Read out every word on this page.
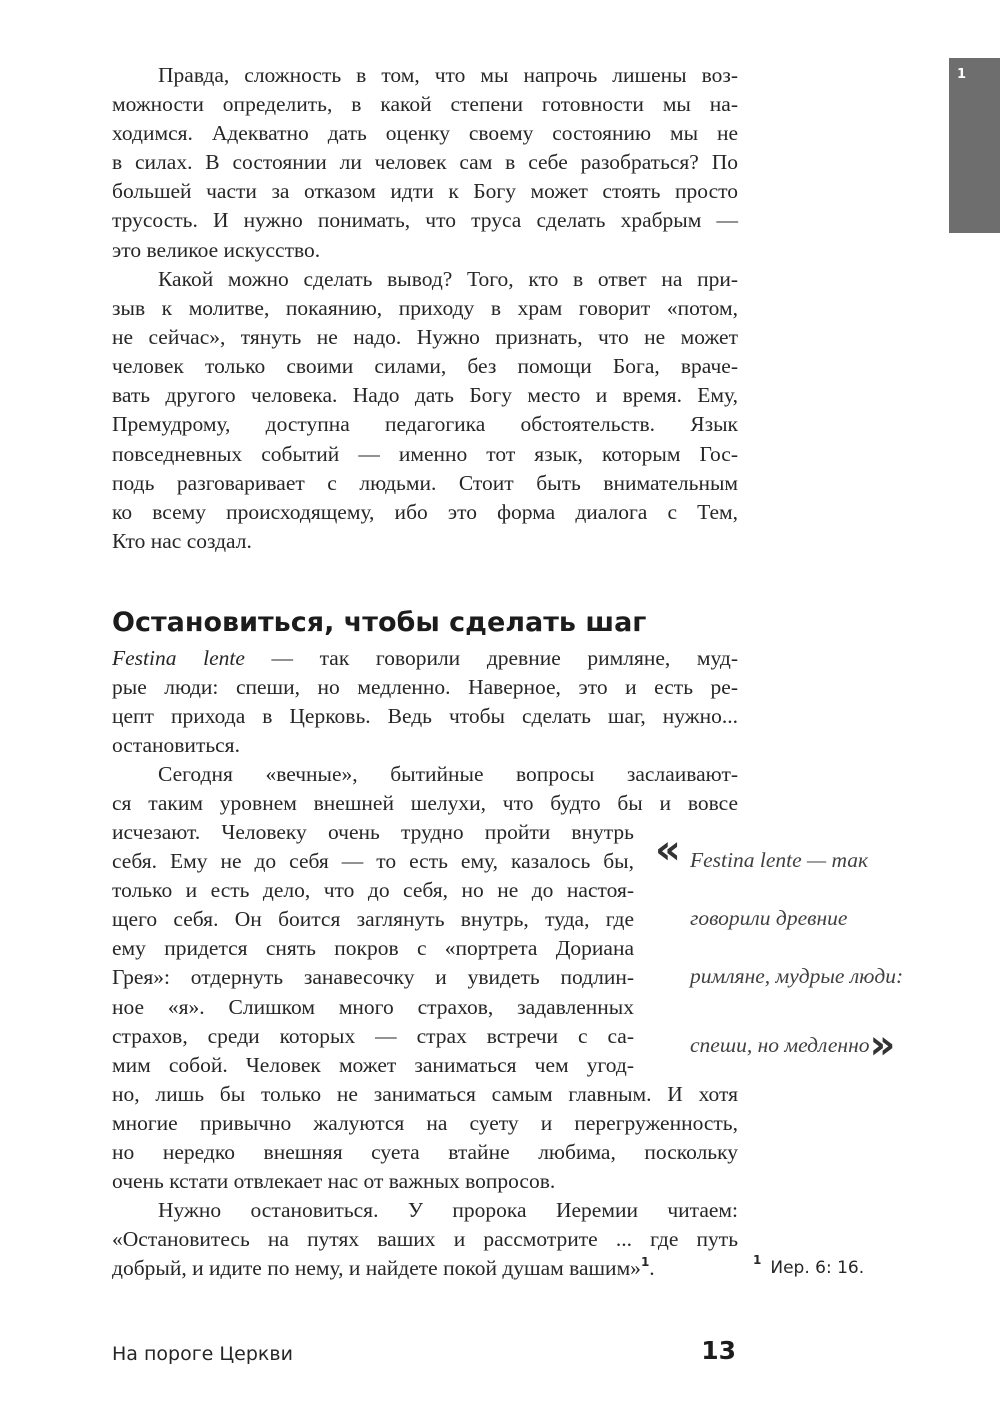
1
Правда, сложность в том, что мы напрочь лишены воз-
можности определить, в какой степени готовности мы на-
ходимся. Адекватно дать оценку своему состоянию мы не
в силах. В состоянии ли человек сам в себе разобраться? По
большей части за отказом идти к Богу может стоять просто
трусость. И нужно понимать, что труса сделать храбрым —
это великое искусство.
Какой можно сделать вывод? Того, кто в ответ на при-
зыв к молитве, покаянию, приходу в храм говорит «потом,
не сейчас», тянуть не надо. Нужно признать, что не может
человек только своими силами, без помощи Бога, враче-
вать другого человека. Надо дать Богу место и время. Ему,
Премудрому, доступна педагогика обстоятельств. Язык
повседневных событий — именно тот язык, которым Гос-
подь разговаривает с людьми. Стоит быть внимательным
ко всему происходящему, ибо это форма диалога с Тем,
Кто нас создал.
Остановиться, чтобы сделать шаг
Festina lente — так говорили древние римляне, муд-
рые люди: спеши, но медленно. Наверное, это и есть ре-
цепт прихода в Церковь. Ведь чтобы сделать шаг, нужно...
остановиться.
Сегодня «вечные», бытийные вопросы заслаивают-
ся таким уровнем внешней шелухи, что будто бы и вовсе
исчезают. Человеку очень трудно пройти внутрь
себя. Ему не до себя — то есть ему, казалось бы,
только и есть дело, что до себя, но не до настоя-
щего себя. Он боится заглянуть внутрь, туда, где
ему придется снять покров с «портрета Дориана
Грея»: отдернуть занавесочку и увидеть подлин-
ное «я». Слишком много страхов, задавленных
страхов, среди которых — страх встречи с са-
мим собой. Человек может заниматься чем угод-
но, лишь бы только не заниматься самым главным. И хотя
многие привычно жалуются на суету и перегруженность,
но нередко внешняя суета втайне любима, поскольку
очень кстати отвлекает нас от важных вопросов.
Нужно остановиться. У пророка Иеремии читаем:
«Остановитесь на путях ваших и рассмотрите ... где путь
добрый, и идите по нему, и найдете покой душам вашим»$^1$.
« Festina lente — так
говорили древние
римляне, мудрые люди:
спеши, но медленно»
$^1$ Иер. 6: 16.
На пороге Церкви	13
